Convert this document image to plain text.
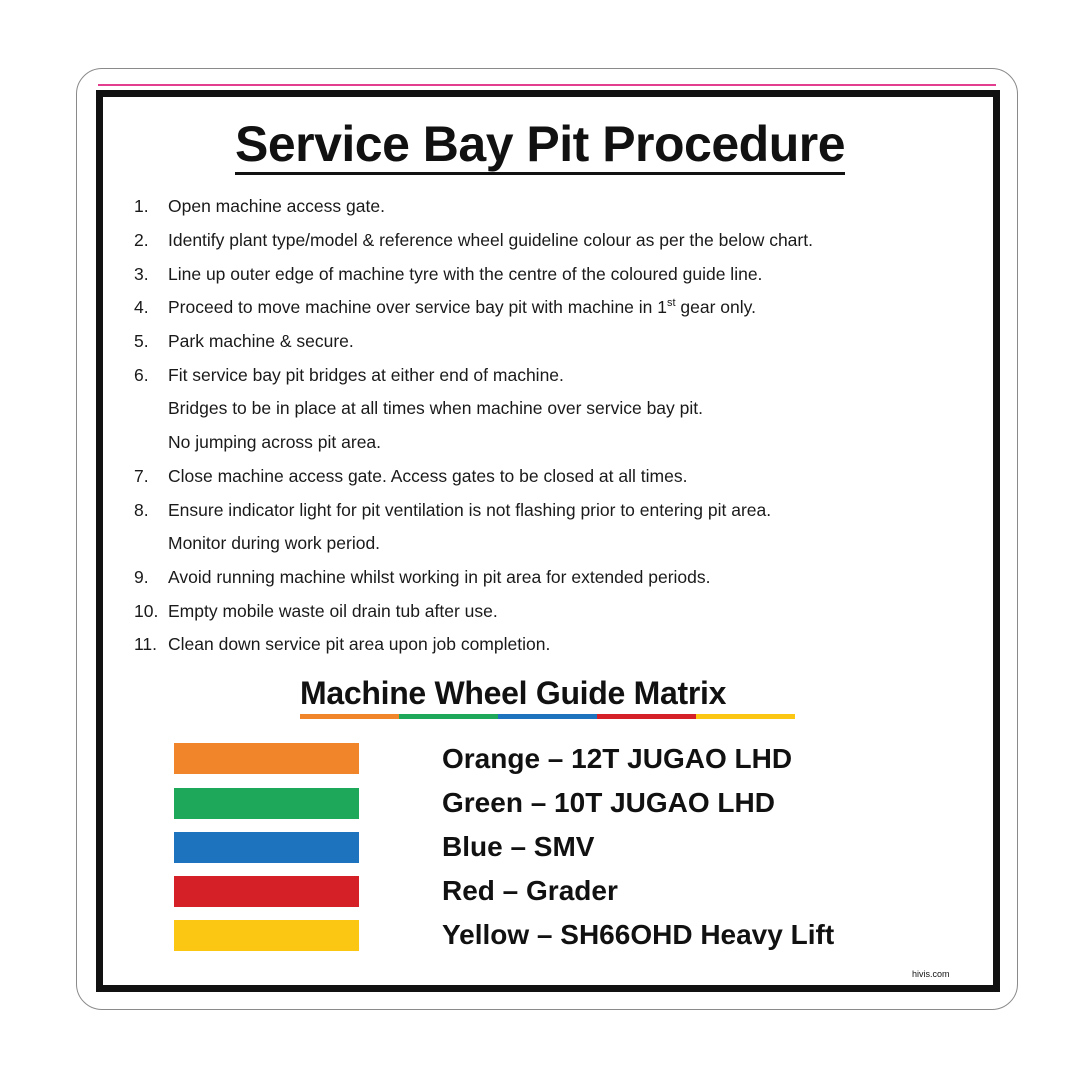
Service Bay Pit Procedure
1.	Open machine access gate.
2.	Identify plant type/model & reference wheel guideline colour as per the below chart.
3.	Line up outer edge of machine tyre with the centre of the coloured guide line.
4.	Proceed to move machine over service bay pit with machine in 1st gear only.
5.	Park machine & secure.
6.	Fit service bay pit bridges at either end of machine.
Bridges to be in place at all times when machine over service bay pit.
No jumping across pit area.
7.	Close machine access gate. Access gates to be closed at all times.
8.	Ensure indicator light for pit ventilation is not flashing prior to entering pit area.
Monitor during work period.
9.	Avoid running machine whilst working in pit area for extended periods.
10. Empty mobile waste oil drain tub after use.
11. Clean down service pit area upon job completion.
Machine Wheel Guide Matrix
Orange – 12T JUGAO LHD
Green – 10T JUGAO LHD
Blue – SMV
Red – Grader
Yellow – SH66OHD Heavy Lift
hivis.com
